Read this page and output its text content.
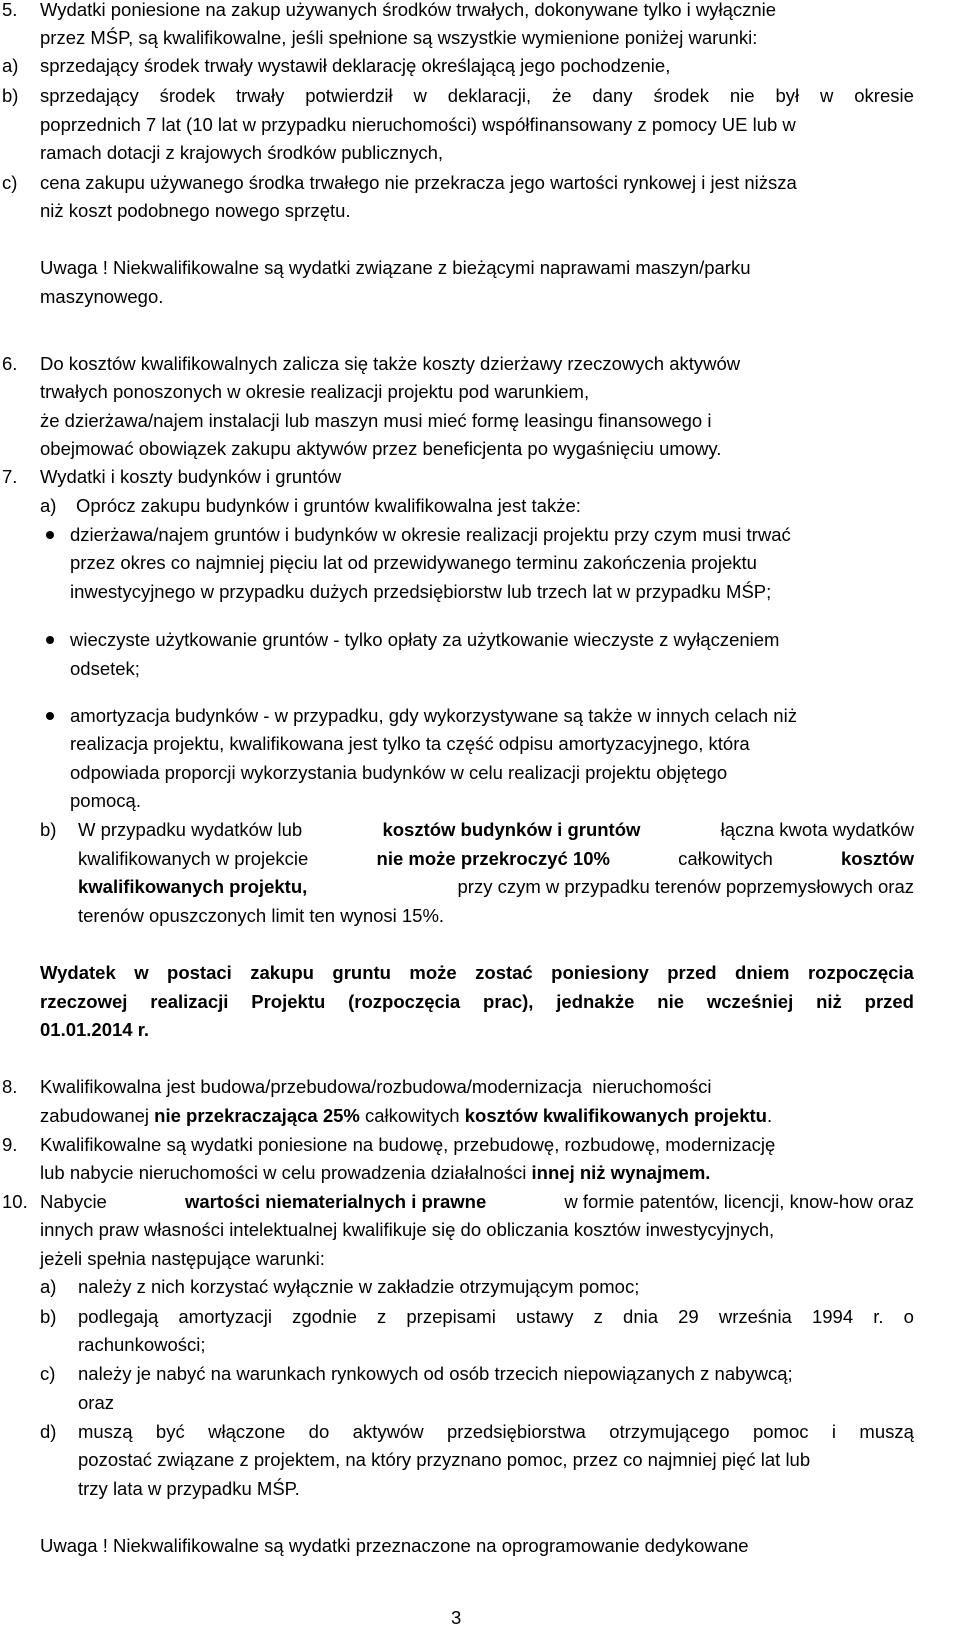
5. Wydatki poniesione na zakup używanych środków trwałych, dokonywane tylko i wyłącznie
przez MŚP, są kwalifikowalne, jeśli spełnione są wszystkie wymienione poniżej warunki:
a) sprzedający środek trwały wystawił deklarację określającą jego pochodzenie,
b) sprzedający środek trwały potwierdził w deklaracji, że dany środek nie był w okresie
poprzednich 7 lat (10 lat w przypadku nieruchomości) współfinansowany z pomocy UE lub w
ramach dotacji z krajowych środków publicznych,
c) cena zakupu używanego środka trwałego nie przekracza jego wartości rynkowej i jest niższa
niż koszt podobnego nowego sprzętu.
Uwaga ! Niekwalifikowalne są wydatki związane z bieżącymi naprawami maszyn/parku
maszynowego.
6. Do kosztów kwalifikowalnych zalicza się także koszty dzierżawy rzeczowych aktywów
trwałych ponoszonych w okresie realizacji projektu pod warunkiem,
że dzierżawa/najem instalacji lub maszyn musi mieć formę leasingu finansowego i
obejmować obowiązek zakupu aktywów przez beneficjenta po wygaśnięciu umowy.
7. Wydatki i koszty budynków i gruntów
a) Oprócz zakupu budynków i gruntów kwalifikowalna jest także:
dzierżawa/najem gruntów i budynków w okresie realizacji projektu przy czym musi trwać
przez okres co najmniej pięciu lat od przewidywanego terminu zakończenia projektu
inwestycyjnego w przypadku dużych przedsiębiorstw lub trzech lat w przypadku MŚP;
wieczyste użytkowanie gruntów - tylko opłaty za użytkowanie wieczyste z wyłączeniem
odsetek;
amortyzacja budynków - w przypadku, gdy wykorzystywane są także w innych celach niż
realizacja projektu, kwalifikowana jest tylko ta część odpisu amortyzacyjnego, która
odpowiada proporcji wykorzystania budynków w celu realizacji projektu objętego
pomocą.
b) W przypadku wydatków lub	kosztów budynków i gruntów	łączna kwota wydatków
kwalifikowanych w projekcie	nie może przekroczyć 10%	całkowitych	kosztów
kwalifikowanych projektu,	przy czym w przypadku terenów poprzemysłowych oraz
terenów opuszczonych limit ten wynosi 15%.
Wydatek w postaci zakupu gruntu może zostać poniesiony przed dniem rozpoczęcia
rzeczowej realizacji Projektu (rozpoczęcia prac), jednakże nie wcześniej niż przed
01.01.2014 r.
8. Kwalifikowalna jest budowa/przebudowa/rozbudowa/modernizacja  nieruchomości
zabudowanej nie przekraczająca 25% całkowitych kosztów kwalifikowanych projektu.
9. Kwalifikowalne są wydatki poniesione na budowę, przebudowę, rozbudowę, modernizację
lub nabycie nieruchomości w celu prowadzenia działalności innej niż wynajmem.
10. Nabycie	wartości niematerialnych i prawne	w formie patentów, licencji, know-how oraz
innych praw własności intelektualnej kwalifikuje się do obliczania kosztów inwestycyjnych,
jeżeli spełnia następujące warunki:
a) należy z nich korzystać wyłącznie w zakładzie otrzymującym pomoc;
b) podlegają amortyzacji zgodnie z przepisami ustawy z dnia 29 września 1994 r. o
rachunkowości;
c) należy je nabyć na warunkach rynkowych od osób trzecich niepowiązanych z nabywcą;
oraz
d) muszą być włączone do aktywów przedsiębiorstwa otrzymującego pomoc i muszą
pozostać związane z projektem, na który przyznano pomoc, przez co najmniej pięć lat lub
trzy lata w przypadku MŚP.
Uwaga ! Niekwalifikowalne są wydatki przeznaczone na oprogramowanie dedykowane
3
